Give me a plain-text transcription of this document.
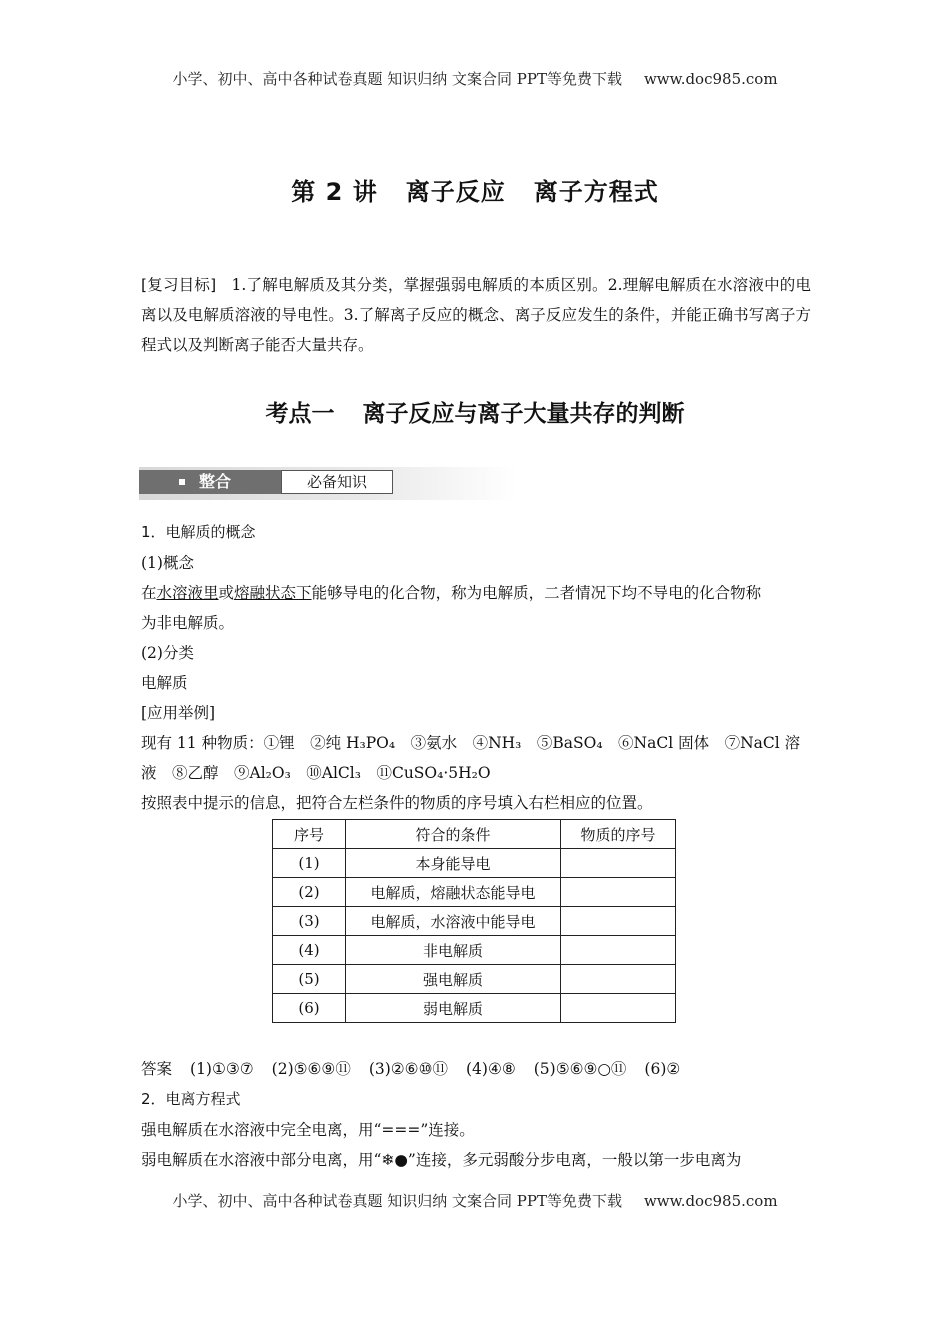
小学、初中、高中各种试卷真题 知识归纳 文案合同 PPT等免费下载 www.doc985.com
第 2 讲 离子反应 离子方程式
[复习目标] 1.了解电解质及其分类，掌握强弱电解质的本质区别。2.理解电解质在水溶液中的电离以及电解质溶液的导电性。3.了解离子反应的概念、离子反应发生的条件，并能正确书写离子方程式以及判断离子能否大量共存。
考点一 离子反应与离子大量共存的判断
整合	必备知识
1．电解质的概念
(1)概念
在水溶液里或熔融状态下能够导电的化合物，称为电解质，二者情况下均不导电的化合物称
为非电解质。
(2)分类
电解质
[应用举例]
现有 11 种物质：①锂　②纯 H₃PO₄　③氨水　④NH₃　⑤BaSO₄　⑥NaCl 固体　⑦NaCl 溶
液　⑧乙醇　⑨Al₂O₃　⑩AlCl₃　⑪CuSO₄·5H₂O
按照表中提示的信息，把符合左栏条件的物质的序号填入右栏相应的位置。
序号	符合的条件	物质的序号
(1)	本身能导电	
(2)	电解质，熔融状态能导电	
(3)	电解质，水溶液中能导电	
(4)	非电解质	
(5)	强电解质	
(6)	弱电解质	
答案 (1)①③⑦ (2)⑤⑥⑨⑪ (3)②⑥⑩⑪ (4)④⑧ (5)⑤⑥⑨○⑪ (6)②
2．电离方程式
强电解质在水溶液中完全电离，用“===”连接。
弱电解质在水溶液中部分电离，用“❄●”连接，多元弱酸分步电离，一般以第一步电离为
小学、初中、高中各种试卷真题 知识归纳 文案合同 PPT等免费下载 www.doc985.com
